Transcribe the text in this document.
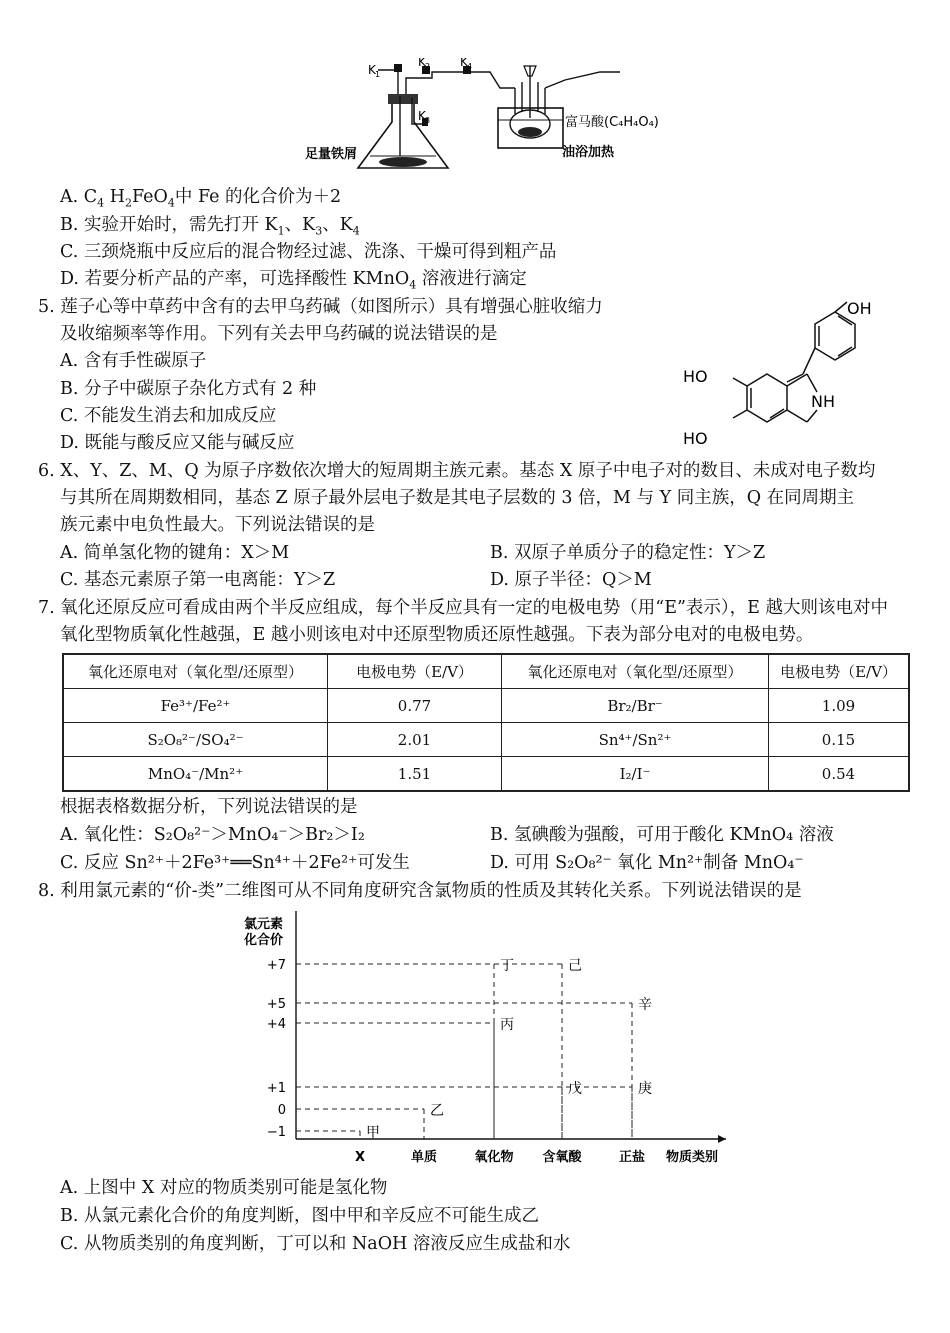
K 1
K 2 K 4
K 3	富马酸(C₄H₄O₄)
油浴加热
足量铁屑
A. $C_4$ $H_2FeO_4$中 Fe 的化合价为＋2
B. 实验开始时，需先打开 $K_1$、$K_3$、$K_4$
C. 三颈烧瓶中反应后的混合物经过滤、洗涤、干燥可得到粗产品
D. 若要分析产品的产率，可选择酸性 KMnO$_4$ 溶液进行滴定
5. 莲子心等中草药中含有的去甲乌药碱（如图所示）具有增强心脏收缩力
及收缩频率等作用。下列有关去甲乌药碱的说法错误的是
A. 含有手性碳原子
B. 分子中碳原子杂化方式有 2 种
C. 不能发生消去和加成反应
D. 既能与酸反应又能与碱反应
OH
HO
HO
NH
6. X、Y、Z、M、Q 为原子序数依次增大的短周期主族元素。基态 X 原子中电子对的数目、未成对电子数均
与其所在周期数相同，基态 Z 原子最外层电子数是其电子层数的 3 倍，M 与 Y 同主族，Q 在同周期主
族元素中电负性最大。下列说法错误的是
A. 简单氢化物的键角：X＞M	B. 双原子单质分子的稳定性：Y＞Z
C. 基态元素原子第一电离能：Y＞Z	D. 原子半径：Q＞M
7. 氧化还原反应可看成由两个半反应组成，每个半反应具有一定的电极电势（用“E”表示），E 越大则该电对中
氧化型物质氧化性越强，E 越小则该电对中还原型物质还原性越强。下表为部分电对的电极电势。
氧化还原电对（氧化型/还原型）	电极电势（E/V）	氧化还原电对（氧化型/还原型）	电极电势（E/V）
Fe³⁺/Fe²⁺	0.77	Br₂/Br⁻	1.09
S₂O₈²⁻/SO₄²⁻	2.01	Sn⁴⁺/Sn²⁺	0.15
MnO₄⁻/Mn²⁺	1.51	I₂/I⁻	0.54
根据表格数据分析，下列说法错误的是
A. 氧化性：S₂O₈²⁻＞MnO₄⁻＞Br₂＞I₂	B. 氢碘酸为强酸，可用于酸化 KMnO₄ 溶液
C. 反应 Sn²⁺＋2Fe³⁺══Sn⁴⁺＋2Fe²⁺可发生	D. 可用 S₂O₈²⁻ 氧化 Mn²⁺制备 MnO₄⁻
8. 利用氯元素的“价-类”二维图可从不同角度研究含氯物质的性质及其转化关系。下列说法错误的是
氯元素
化合价
+7
+5
+4
+1
0
−1
X	单质	氧化物 含氧酸	正盐 物质类别
甲
乙
丙
丁
戊
己
庚
辛
A. 上图中 X 对应的物质类别可能是氢化物
B. 从氯元素化合价的角度判断，图中甲和辛反应不可能生成乙
C. 从物质类别的角度判断，丁可以和 NaOH 溶液反应生成盐和水
